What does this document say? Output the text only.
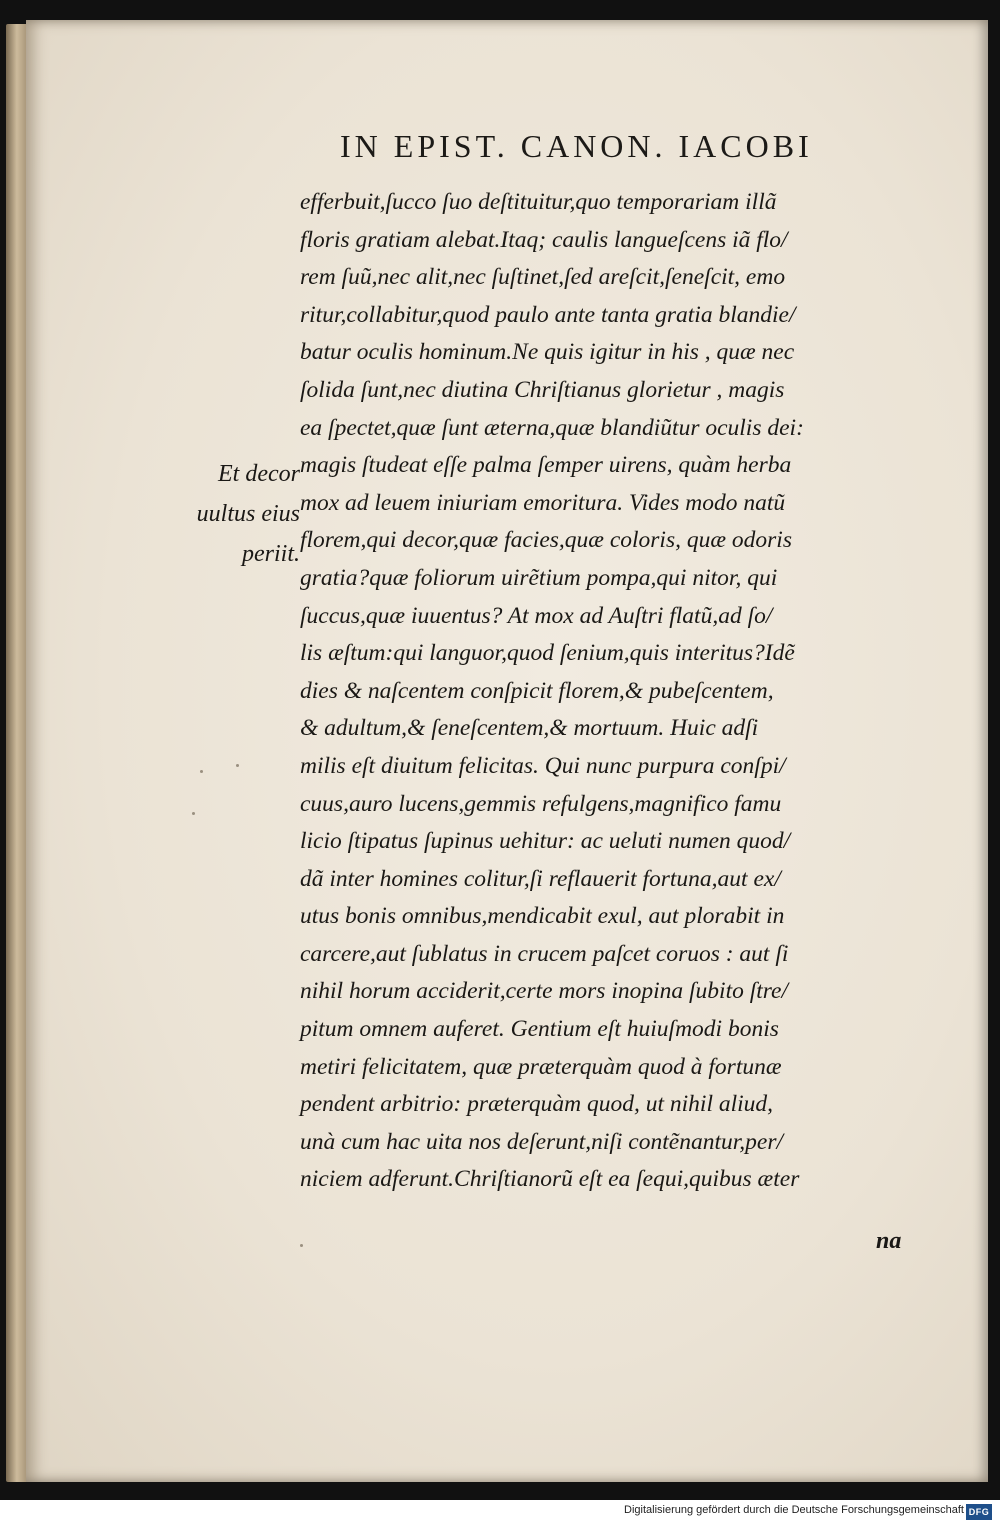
IN EPIST. CANON. IACOBI
Et decor
uultus eius
periit.
efferbuit,ſucco ſuo deſtituitur,quo temporariam illã
floris gratiam alebat.Itaq; caulis langueſcens iã flo/
rem ſuũ,nec alit,nec ſuſtinet,ſed areſcit,ſeneſcit, emo
ritur,collabitur,quod paulo ante tanta gratia blandie/
batur oculis hominum.Ne quis igitur in his , quæ nec
ſolida ſunt,nec diutina Chriſtianus glorietur , magis
ea ſpectet,quæ ſunt æterna,quæ blandiũtur oculis dei:
magis ſtudeat eſſe palma ſemper uirens, quàm herba
mox ad leuem iniuriam emoritura. Vides modo natũ
florem,qui decor,quæ facies,quæ coloris, quæ odoris
gratia?quæ foliorum uirẽtium pompa,qui nitor, qui
ſuccus,quæ iuuentus? At mox ad Auſtri flatũ,ad ſo/
lis æſtum:qui languor,quod ſenium,quis interitus?Idẽ
dies & naſcentem conſpicit florem,& pubeſcentem,
& adultum,& ſeneſcentem,& mortuum. Huic adſi
milis eſt diuitum felicitas. Qui nunc purpura conſpi/
cuus,auro lucens,gemmis refulgens,magnifico famu
licio ſtipatus ſupinus uehitur: ac ueluti numen quod/
dã inter homines colitur,ſi reflauerit fortuna,aut ex/
utus bonis omnibus,mendicabit exul, aut plorabit in
carcere,aut ſublatus in crucem paſcet coruos : aut ſi
nihil horum acciderit,certe mors inopina ſubito ſtre/
pitum omnem auferet. Gentium eſt huiuſmodi bonis
metiri felicitatem, quæ præterquàm quod à fortunæ
pendent arbitrio: præterquàm quod, ut nihil aliud,
unà cum hac uita nos deſerunt,niſi contẽnantur,per/
niciem adferunt.Chriſtianorũ eſt ea ſequi,quibus æter
na
Digitalisierung gefördert durch die Deutsche Forschungsgemeinschaft DFG
